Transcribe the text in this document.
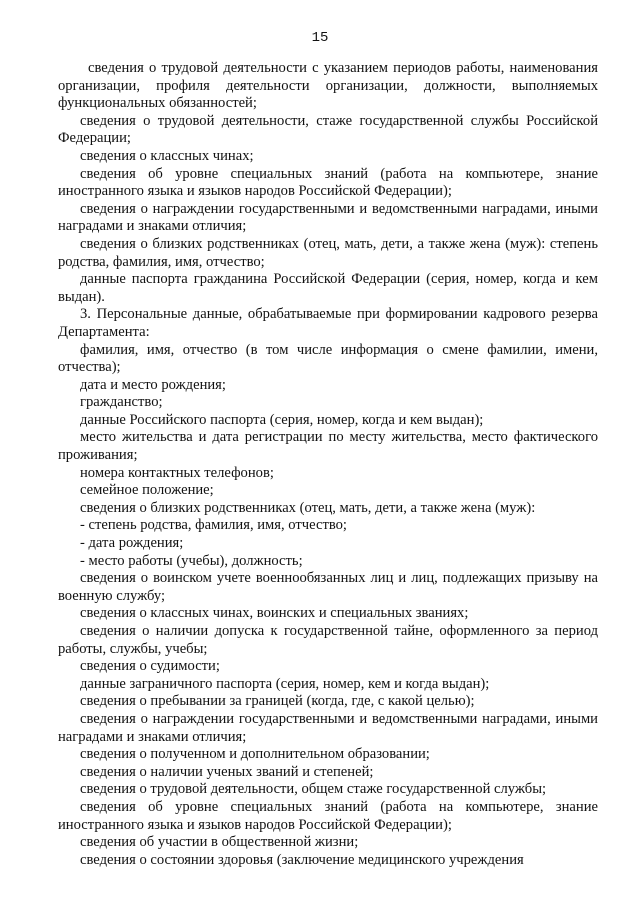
15

сведения о трудовой деятельности с указанием периодов работы, наименования организации, профиля деятельности организации, должности, выполняемых функциональных обязанностей;

сведения о трудовой деятельности, стаже государственной службы Российской Федерации;

сведения о классных чинах;

сведения об уровне специальных знаний (работа на компьютере, знание иностранного языка и языков народов Российской Федерации);

сведения о награждении государственными и ведомственными наградами, иными наградами и знаками отличия;

сведения о близких родственниках (отец, мать, дети, а также жена (муж): степень родства, фамилия, имя, отчество;

данные паспорта гражданина Российской Федерации (серия, номер, когда и кем выдан).

3. Персональные данные, обрабатываемые при формировании кадрового резерва Департамента:

фамилия, имя, отчество (в том числе информация о смене фамилии, имени, отчества);

дата и место рождения;

гражданство;

данные Российского паспорта (серия, номер, когда и кем выдан);

место жительства и дата регистрации по месту жительства, место фактического проживания;

номера контактных телефонов;

семейное положение;

сведения о близких родственниках (отец, мать, дети, а также жена (муж):

- степень родства, фамилия, имя, отчество;

- дата рождения;

- место работы (учебы), должность;

сведения о воинском учете военнообязанных лиц и лиц, подлежащих призыву на военную службу;

сведения о классных чинах, воинских и специальных званиях;

сведения о наличии допуска к государственной тайне, оформленного за период работы, службы, учебы;

сведения о судимости;

данные заграничного паспорта (серия, номер, кем и когда выдан);

сведения о пребывании за границей (когда, где, с какой целью);

сведения о награждении государственными и ведомственными наградами, иными наградами и знаками отличия;

сведения о полученном и дополнительном образовании;

сведения о наличии ученых званий и степеней;

сведения о трудовой деятельности, общем стаже государственной службы;

сведения об уровне специальных знаний (работа на компьютере, знание иностранного языка и языков народов Российской Федерации);

сведения об участии в общественной жизни;

сведения о состоянии здоровья (заключение медицинского учреждения
